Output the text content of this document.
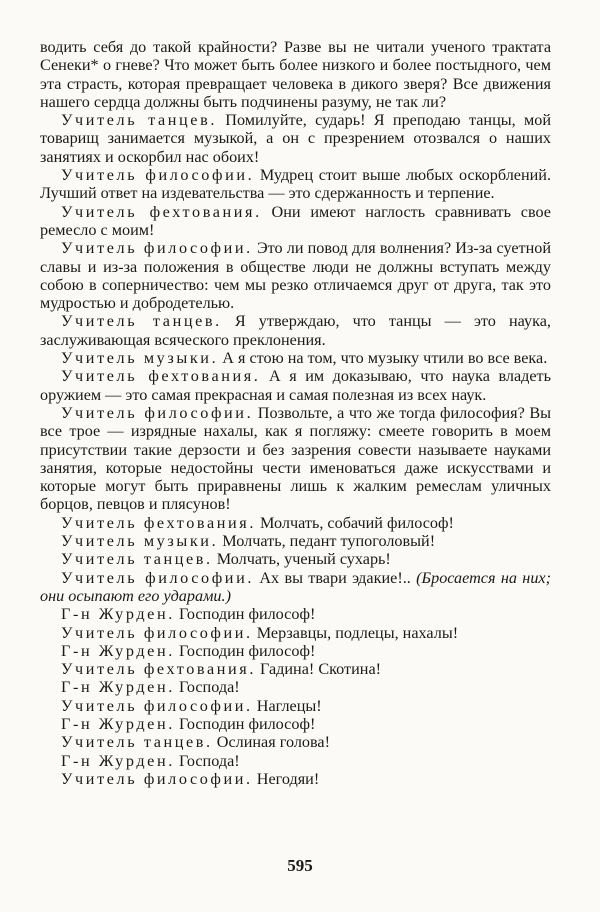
водить себя до такой крайности? Разве вы не читали ученого трактата Сенеки* о гневе? Что может быть более низкого и более постыдного, чем эта страсть, которая превращает человека в дикого зверя? Все движения нашего сердца должны быть подчинены разуму, не так ли?

Учитель танцев. Помилуйте, сударь! Я преподаю танцы, мой товарищ занимается музыкой, а он с презрением отозвался о наших занятиях и оскорбил нас обоих!

Учитель философии. Мудрец стоит выше любых оскорблений. Лучший ответ на издевательства — это сдержанность и терпение.

Учитель фехтования. Они имеют наглость сравнивать свое ремесло с моим!

Учитель философии. Это ли повод для волнения? Из-за суетной славы и из-за положения в обществе люди не должны вступать между собою в соперничество: чем мы резко отличаемся друг от друга, так это мудростью и добродетелью.

Учитель танцев. Я утверждаю, что танцы — это наука, заслуживающая всяческого преклонения.

Учитель музыки. А я стою на том, что музыку чтили во все века.

Учитель фехтования. А я им доказываю, что наука владеть оружием — это самая прекрасная и самая полезная из всех наук.

Учитель философии. Позвольте, а что же тогда философия? Вы все трое — изрядные нахалы, как я погляжу: смеете говорить в моем присутствии такие дерзости и без зазрения совести называете науками занятия, которые недостойны чести именоваться даже искусствами и которые могут быть приравнены лишь к жалким ремеслам уличных борцов, певцов и плясунов!

Учитель фехтования. Молчать, собачий философ!

Учитель музыки. Молчать, педант тупоголовый!

Учитель танцев. Молчать, ученый сухарь!

Учитель философии. Ах вы твари эдакие!.. (Бросается на них; они осыпают его ударами.)

Г-н Журден. Господин философ!

Учитель философии. Мерзавцы, подлецы, нахалы!

Г-н Журден. Господин философ!

Учитель фехтования. Гадина! Скотина!

Г-н Журден. Господа!

Учитель философии. Наглецы!

Г-н Журден. Господин философ!

Учитель танцев. Ослиная голова!

Г-н Журден. Господа!

Учитель философии. Негодяи!

595
